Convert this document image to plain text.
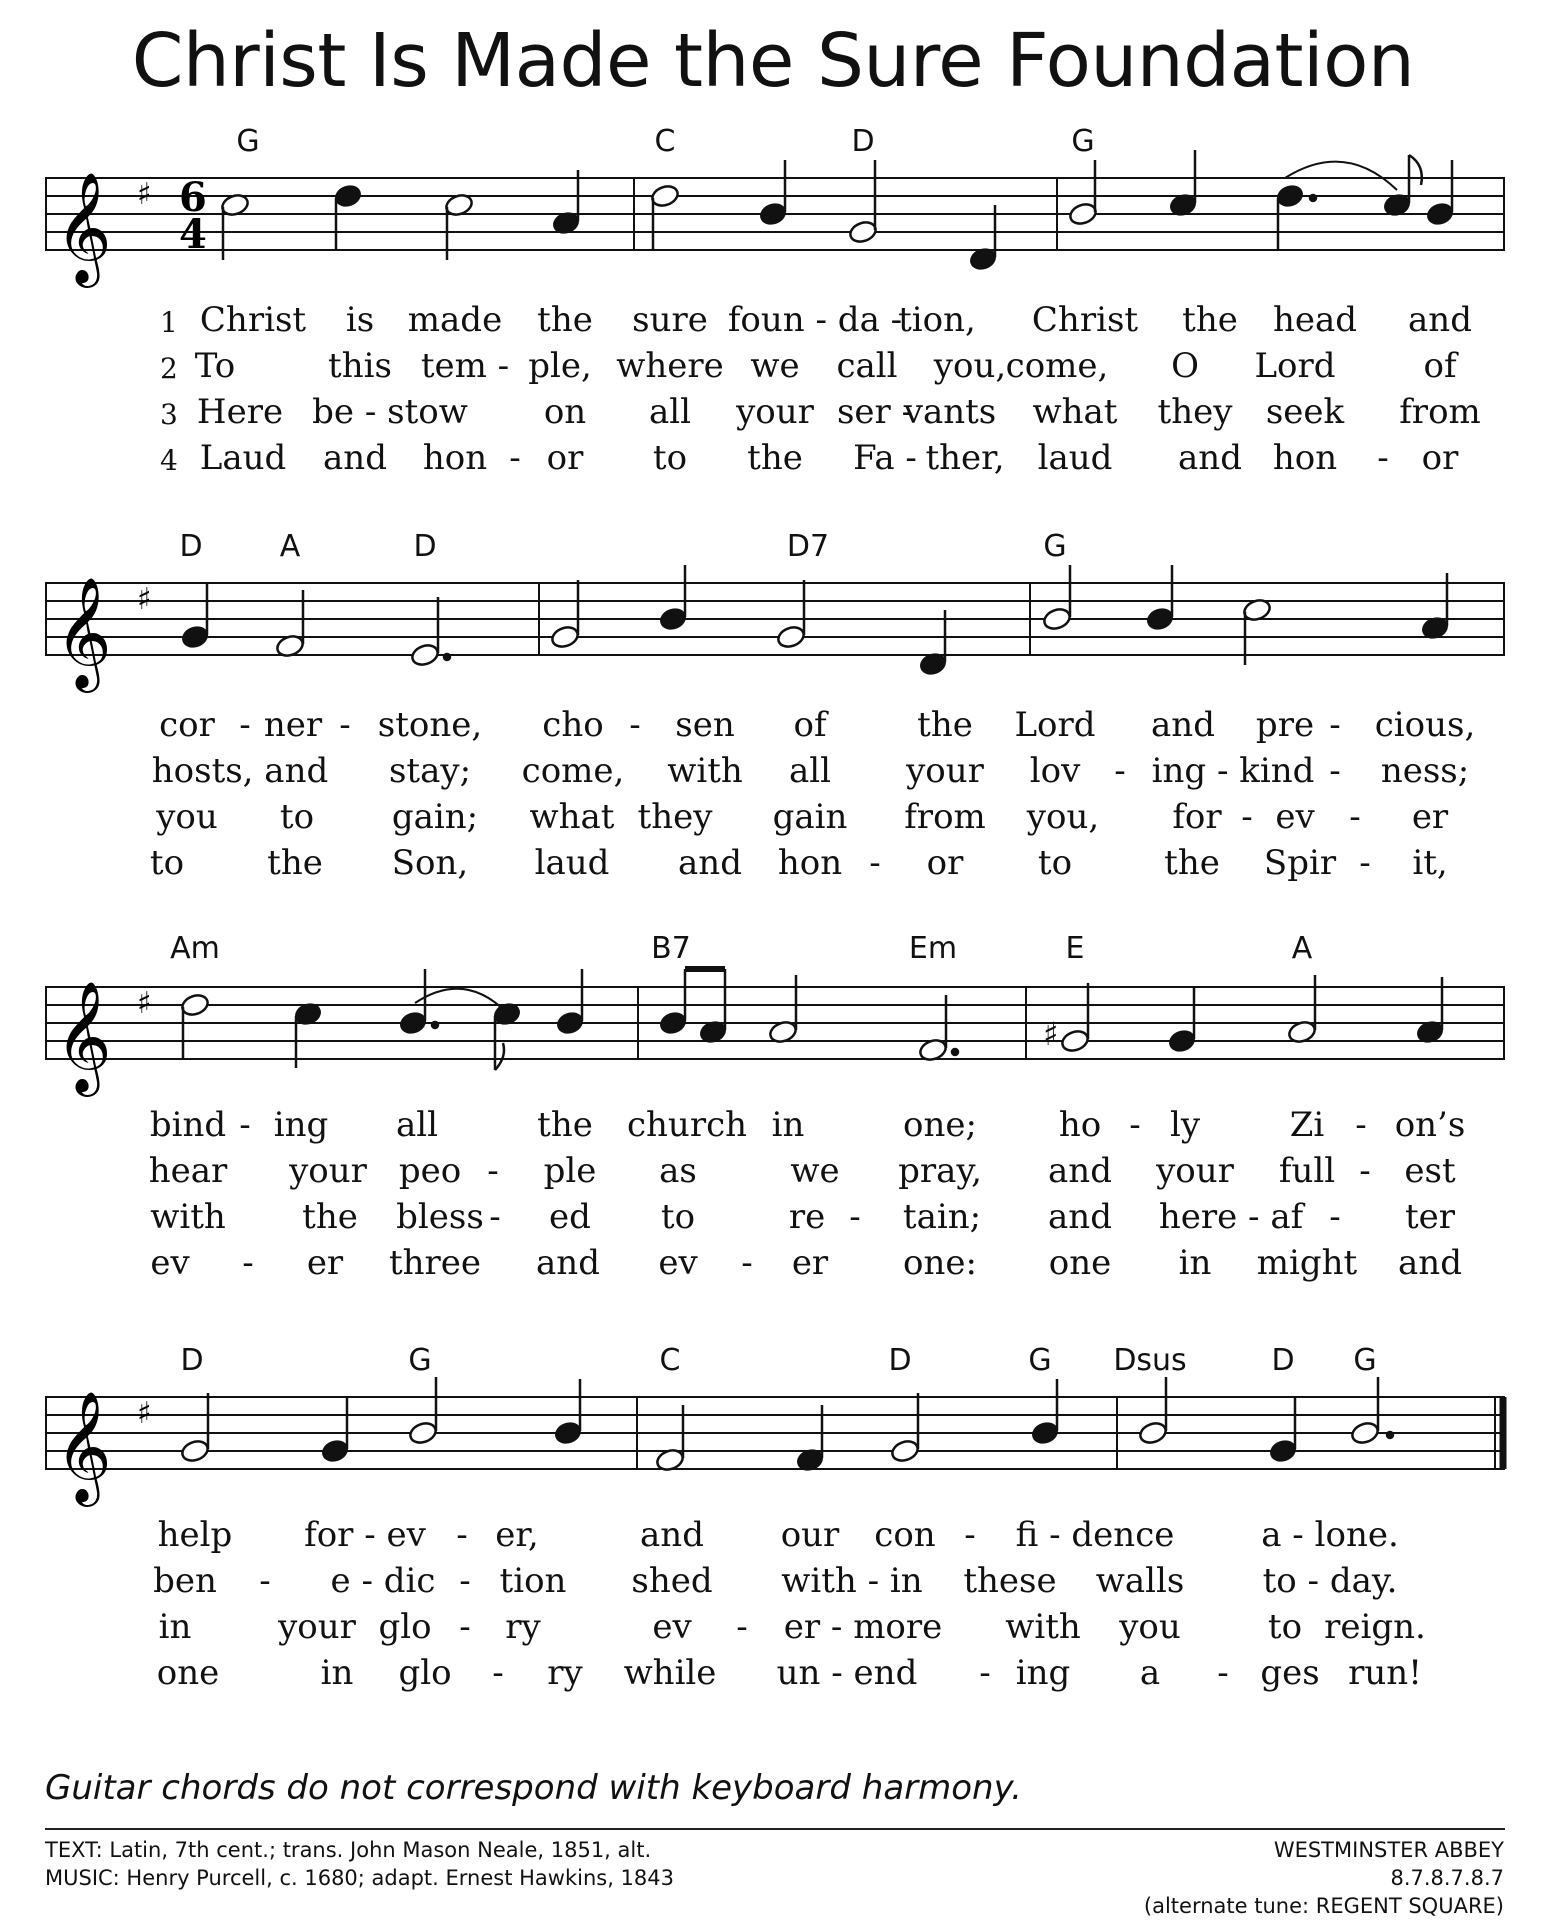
Christ Is Made the Sure Foundation
G	C	D	G
𝄞 ♯ 6
4
1 Christ is made the sure foun - da -
tion, Christ the head and
2 To	this tem - ple, where we call you, come, O Lord	of
3 Here be - stow on all your ser -
vants what they seek from
4 Laud and hon - or to the Fa - ther, laud and hon - or
D	A	D	D7	G
𝄞 ♯
cor - ner - stone, cho - sen of	the Lord and pre - cious,
hosts, and stay; come, with all your lov - ing - kind - ness;
you to gain; what they gain from you, for - ev - er
to the Son, laud and hon - or to	the Spir - it,
Am	B7	Em	E	A
𝄞 ♯
♯
bind - ing all	the church in	one; ho - ly	Zi - on’s
hear your peo - ple as	we pray, and your full - est
with the bless - ed to	re - tain; and here - af - ter
ev - er three and ev - er one: one in might and
D	G	C	D	G Dsus	D G
𝄞 ♯
help for - ev - er,	and our con - fi - dence	a - lone.
ben - e - dic - tion shed with - in these walls to - day.
in	your glo - ry	ev - er - more with you	to reign.
one	in glo - ry while un - end - ing a - ges run!
Guitar chords do not correspond with keyboard harmony.
TEXT: Latin, 7th cent.; trans. John Mason Neale, 1851, alt.
MUSIC: Henry Purcell, c. 1680; adapt. Ernest Hawkins, 1843
WESTMINSTER ABBEY
8.7.8.7.8.7
(alternate tune: REGENT SQUARE)
